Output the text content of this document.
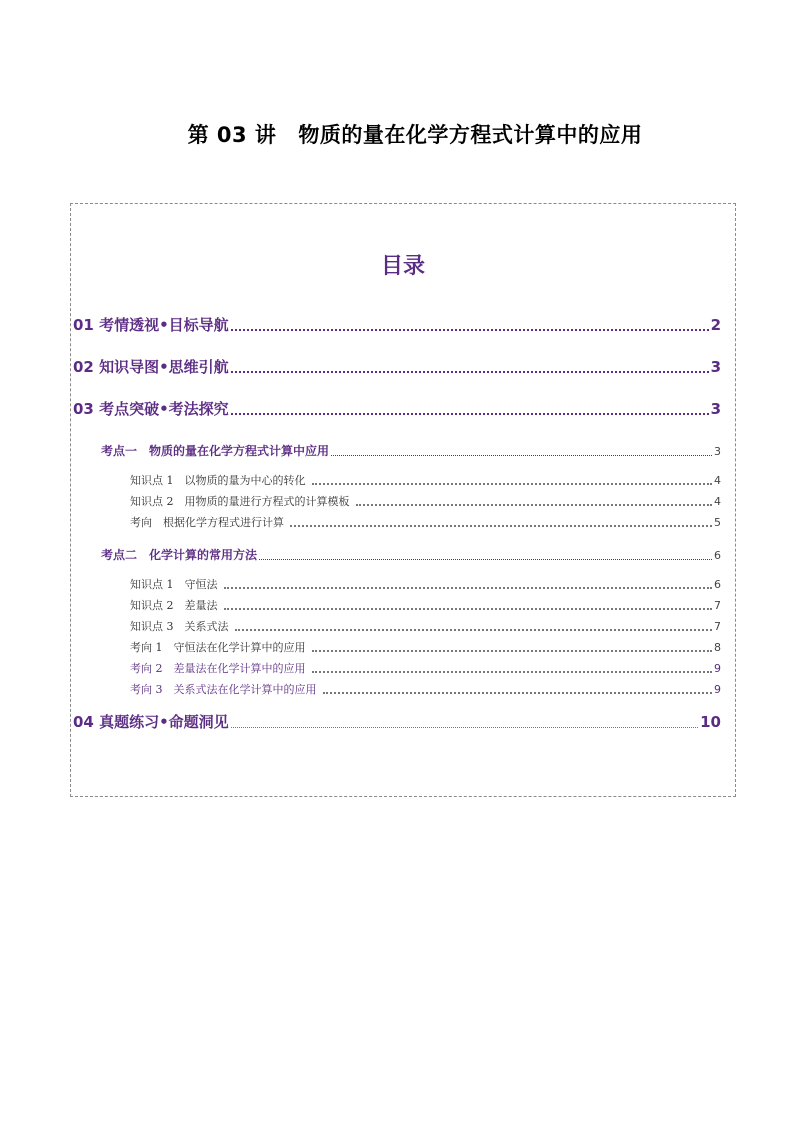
第 03 讲 物质的量在化学方程式计算中的应用
目录
01 考情透视•目标导航	2
02 知识导图•思维引航	3
03 考点突破•考法探究	3
考点一　物质的量在化学方程式计算中应用	3
知识点 1　以物质的量为中心的转化	4
知识点 2　用物质的量进行方程式的计算模板	4
考向　根据化学方程式进行计算	5
考点二　化学计算的常用方法	6
知识点 1　守恒法	6
知识点 2　差量法	7
知识点 3　关系式法	7
考向 1　守恒法在化学计算中的应用	8
考向 2　差量法在化学计算中的应用	9
考向 3　关系式法在化学计算中的应用	9
04 真题练习•命题洞见	10
